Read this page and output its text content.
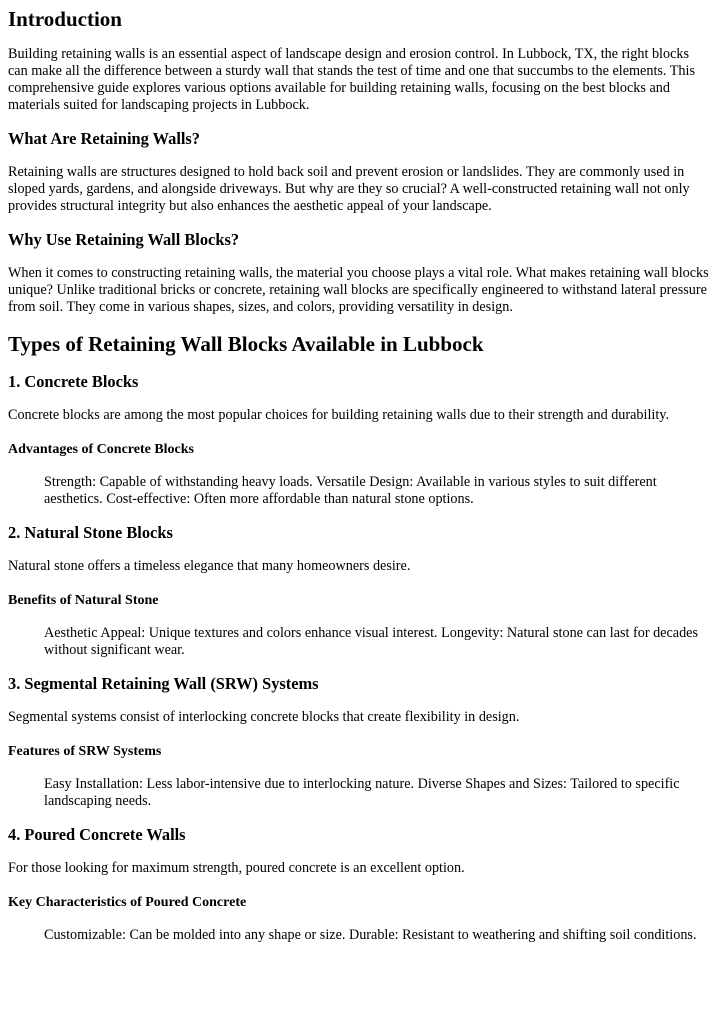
Introduction

Building retaining walls is an essential aspect of landscape design and erosion control. In Lubbock, TX, the right blocks can make all the difference between a sturdy wall that stands the test of time and one that succumbs to the elements. This comprehensive guide explores various options available for building retaining walls, focusing on the best blocks and materials suited for landscaping projects in Lubbock.

What Are Retaining Walls?

Retaining walls are structures designed to hold back soil and prevent erosion or landslides. They are commonly used in sloped yards, gardens, and alongside driveways. But why are they so crucial? A well-constructed retaining wall not only provides structural integrity but also enhances the aesthetic appeal of your landscape.

Why Use Retaining Wall Blocks?

When it comes to constructing retaining walls, the material you choose plays a vital role. What makes retaining wall blocks unique? Unlike traditional bricks or concrete, retaining wall blocks are specifically engineered to withstand lateral pressure from soil. They come in various shapes, sizes, and colors, providing versatility in design.

Types of Retaining Wall Blocks Available in Lubbock
1. Concrete Blocks

Concrete blocks are among the most popular choices for building retaining walls due to their strength and durability.

Advantages of Concrete Blocks
Strength: Capable of withstanding heavy loads. Versatile Design: Available in various styles to suit different aesthetics. Cost-effective: Often more affordable than natural stone options.
2. Natural Stone Blocks

Natural stone offers a timeless elegance that many homeowners desire.

Benefits of Natural Stone
Aesthetic Appeal: Unique textures and colors enhance visual interest. Longevity: Natural stone can last for decades without significant wear.
3. Segmental Retaining Wall (SRW) Systems

Segmental systems consist of interlocking concrete blocks that create flexibility in design.

Features of SRW Systems
Easy Installation: Less labor-intensive due to interlocking nature. Diverse Shapes and Sizes: Tailored to specific landscaping needs.
4. Poured Concrete Walls

For those looking for maximum strength, poured concrete is an excellent option.

Key Characteristics of Poured Concrete
Customizable: Can be molded into any shape or size. Durable: Resistant to weathering and shifting soil conditions.
